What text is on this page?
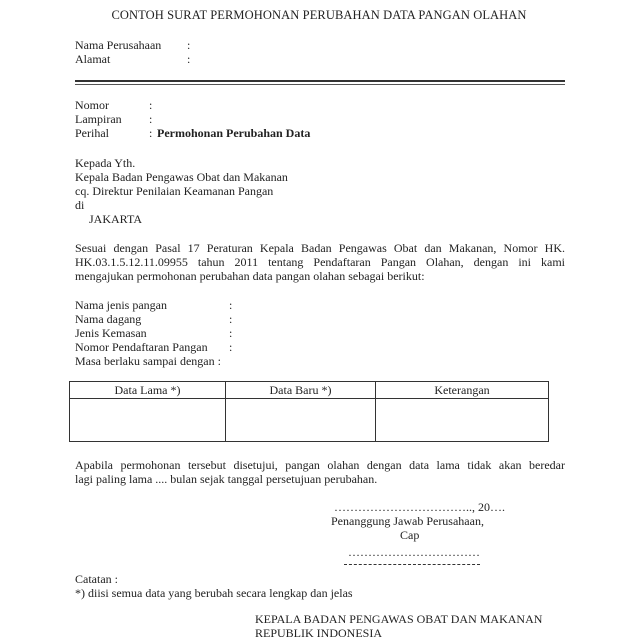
CONTOH SURAT PERMOHONAN PERUBAHAN DATA PANGAN OLAHAN
Nama Perusahaan :
Alamat	:
Nomor	:
Lampiran :
Perihal	: Permohonan Perubahan Data
Kepada Yth.
Kepala Badan Pengawas Obat dan Makanan
cq. Direktur Penilaian Keamanan Pangan
di
JAKARTA
Sesuai dengan Pasal 17 Peraturan Kepala Badan Pengawas Obat dan Makanan, Nomor HK.
HK.03.1.5.12.11.09955 tahun 2011 tentang Pendaftaran Pangan Olahan, dengan ini kami
mengajukan permohonan perubahan data pangan olahan sebagai berikut:
Nama jenis pangan	:
Nama dagang	:
Jenis Kemasan	:
Nomor Pendaftaran Pangan :
Masa berlaku sampai dengan :
Data Lama *)	Data Baru *)	Keterangan

Apabila permohonan tersebut disetujui, pangan olahan dengan data lama tidak akan beredar
lagi paling lama .... bulan sejak tanggal persetujuan perubahan.
…………………………….., 20….
Penanggung Jawab Perusahaan,
Cap
……………………………
Catatan :
*) diisi semua data yang berubah secara lengkap dan jelas
KEPALA BADAN PENGAWAS OBAT DAN MAKANAN
REPUBLIK INDONESIA
